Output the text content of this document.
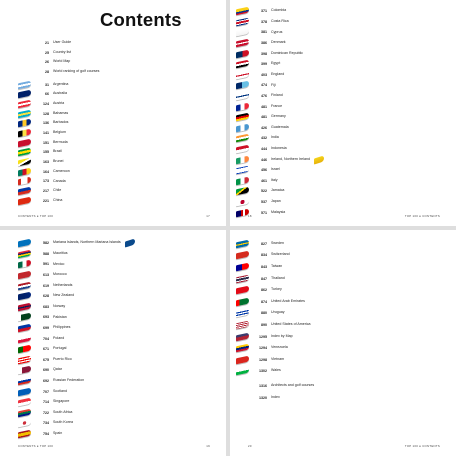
Contents
21 User Guide
25 Country list
26 World Map
28 World ranking of golf courses
31 Argentina
66 Australia
124 Austria
128 Bahamas
136 Barbados
141 Belgium
151 Bermuda
155 Brazil
163 Brunei
164 Cameroon
173 Canada
217 Chile
221 China
CONTENTS ● TOP 100	17
371 Colombia
378 Costa Rica
381 Cyprus
386 Denmark
398 Dominican Republic
399 Egypt
403 England
474 Fiji
476 Finland
481 France
481 Germany
426 Guatemala
432 India
444 Indonesia
446 Ireland, Northern Ireland
456 Israel
461 Italy
522 Jamaica
537 Japan
571 Malaysia
18	TOP 100 ● CONTENTS
582 Mariana Islands, Northern Mariana Islands
588 Mauritius
591 Mexico
613 Morocco
619 Netherlands
628 New Zealand
683 Norway
693 Pakistan
699 Philippines
704 Poland
671 Portugal
675 Puerto Rico
690 Qatar
692 Russian Federation
707 Scotland
714 Singapore
722 South Africa
734 South Korea
754 Spain
CONTENTS ● TOP 100	19
827 Sweden
834 Switzerland
843 Taiwan
847 Thailand
862 Turkey
874 United Arab Emirates
880 Uruguay
890 United States of America
1295 Index by Map
1294 Venezuela
1298 Vietnam
1302 Wales
1316 Architects and golf courses
1320 Index
20	TOP 100 ● CONTENTS
